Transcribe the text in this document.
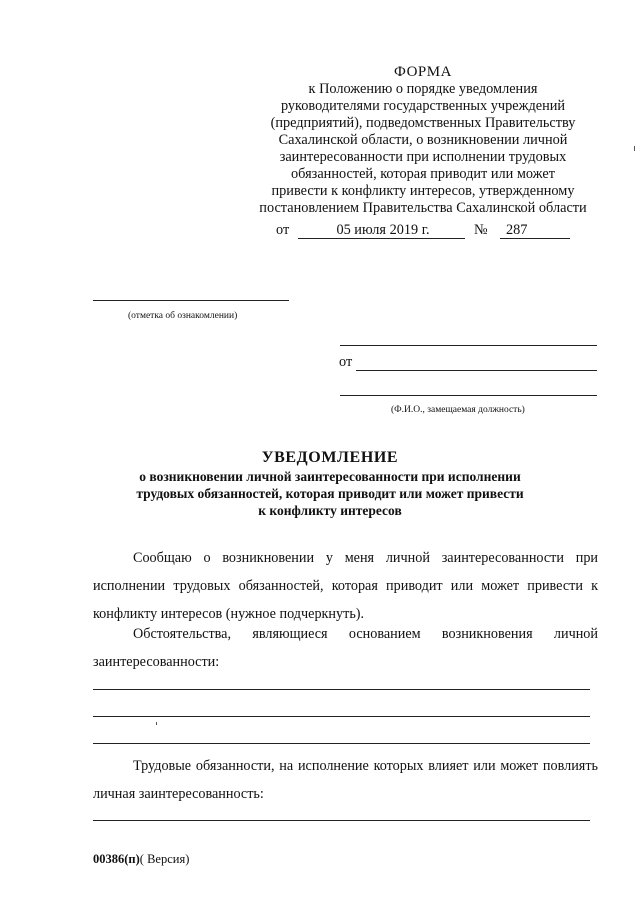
ФОРМА
к Положению о порядке уведомления
руководителями государственных учреждений
(предприятий), подведомственных Правительству
Сахалинской области, о возникновении личной
заинтересованности при исполнении трудовых
обязанностей, которая приводит или может
привести к конфликту интересов, утвержденному
постановлением Правительства Сахалинской области
от	05 июля 2019 г.	№ 287
(отметка об ознакомлении)
от
(Ф.И.О., замещаемая должность)
УВЕДОМЛЕНИЕ
о возникновении личной заинтересованности при исполнении
трудовых обязанностей, которая приводит или может привести
к конфликту интересов
Сообщаю о возникновении у меня личной заинтересованности при исполнении трудовых обязанностей, которая приводит или может привести к конфликту интересов (нужное подчеркнуть).
Обстоятельства, являющиеся основанием возникновения личной заинтересованности:
Трудовые обязанности, на исполнение которых влияет или может повлиять личная заинтересованность:
00386(п)( Версия)
